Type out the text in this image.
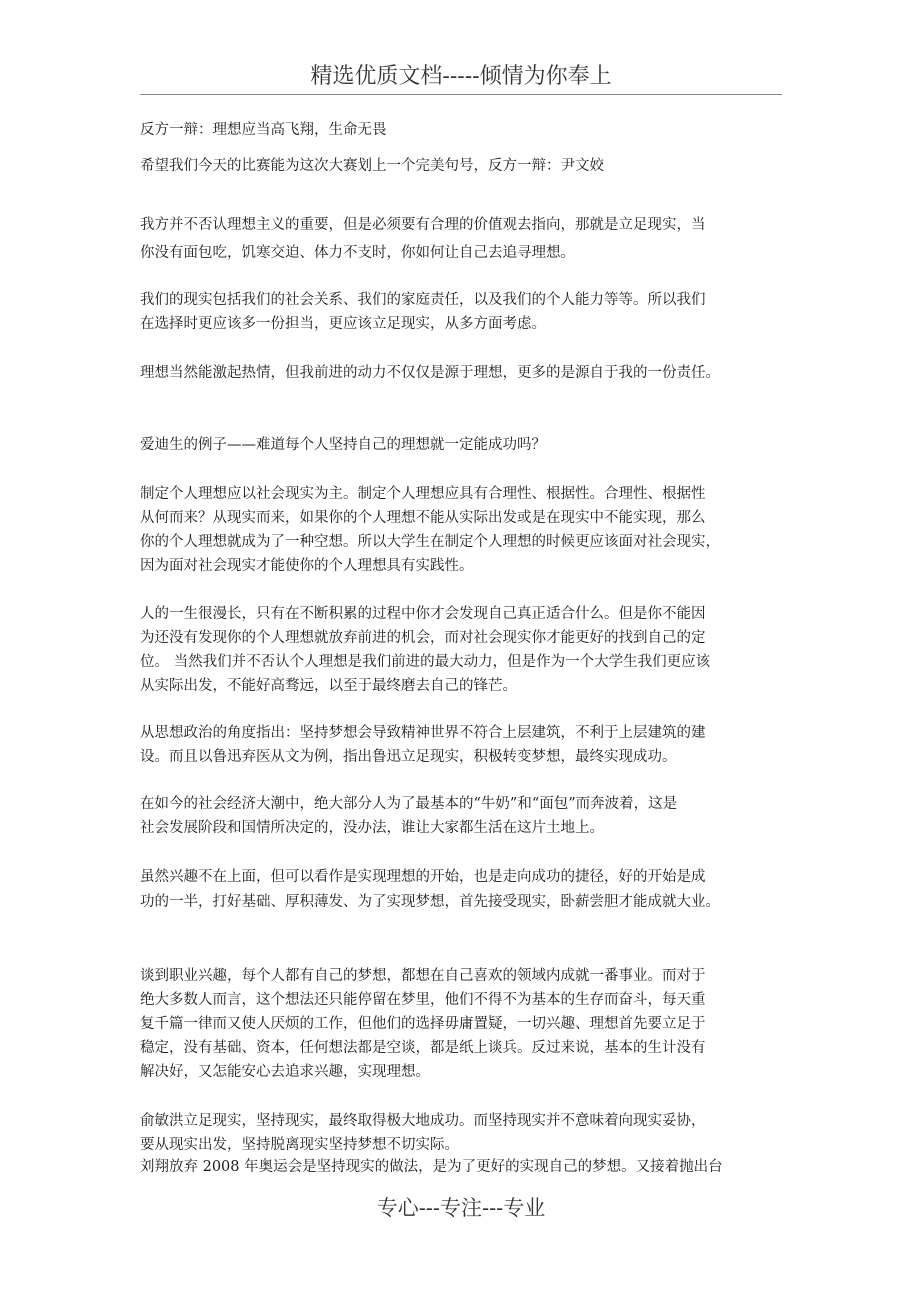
精选优质文档-----倾情为你奉上
反方一辩：理想应当高飞翔，生命无畏
希望我们今天的比赛能为这次大赛划上一个完美句号，反方一辩：尹文姣
我方并不否认理想主义的重要，但是必须要有合理的价值观去指向，那就是立足现实，当
你没有面包吃，饥寒交迫、体力不支时，你如何让自己去追寻理想。
我们的现实包括我们的社会关系、我们的家庭责任，以及我们的个人能力等等。所以我们
在选择时更应该多一份担当，更应该立足现实，从多方面考虑。
理想当然能激起热情，但我前进的动力不仅仅是源于理想，更多的是源自于我的一份责任。
爱迪生的例子——难道每个人坚持自己的理想就一定能成功吗？
制定个人理想应以社会现实为主。制定个人理想应具有合理性、根据性。合理性、根据性
从何而来？从现实而来，如果你的个人理想不能从实际出发或是在现实中不能实现，那么
你的个人理想就成为了一种空想。所以大学生在制定个人理想的时候更应该面对社会现实，
因为面对社会现实才能使你的个人理想具有实践性。
人的一生很漫长，只有在不断积累的过程中你才会发现自己真正适合什么。但是你不能因
为还没有发现你的个人理想就放弃前进的机会，而对社会现实你才能更好的找到自己的定
位。 当然我们并不否认个人理想是我们前进的最大动力，但是作为一个大学生我们更应该
从实际出发，不能好高骛远，以至于最终磨去自己的锋芒。
从思想政治的角度指出：坚持梦想会导致精神世界不符合上层建筑，不利于上层建筑的建
设。而且以鲁迅弃医从文为例，指出鲁迅立足现实，积极转变梦想，最终实现成功。
在如今的社会经济大潮中，绝大部分人为了最基本的“牛奶”和“面包”而奔波着，这是
社会发展阶段和国情所决定的，没办法，谁让大家都生活在这片土地上。
虽然兴趣不在上面，但可以看作是实现理想的开始，也是走向成功的捷径，好的开始是成
功的一半，打好基础、厚积薄发、为了实现梦想，首先接受现实，卧薪尝胆才能成就大业。
谈到职业兴趣，每个人都有自己的梦想，都想在自己喜欢的领域内成就一番事业。而对于
绝大多数人而言，这个想法还只能停留在梦里，他们不得不为基本的生存而奋斗，每天重
复千篇一律而又使人厌烦的工作，但他们的选择毋庸置疑，一切兴趣、理想首先要立足于
稳定，没有基础、资本，任何想法都是空谈，都是纸上谈兵。反过来说，基本的生计没有
解决好，又怎能安心去追求兴趣，实现理想。
俞敏洪立足现实，坚持现实，最终取得极大地成功。而坚持现实并不意味着向现实妥协，
要从现实出发，坚持脱离现实坚持梦想不切实际。
刘翔放弃 2008 年奥运会是坚持现实的做法，是为了更好的实现自己的梦想。又接着抛出台
专心---专注---专业
